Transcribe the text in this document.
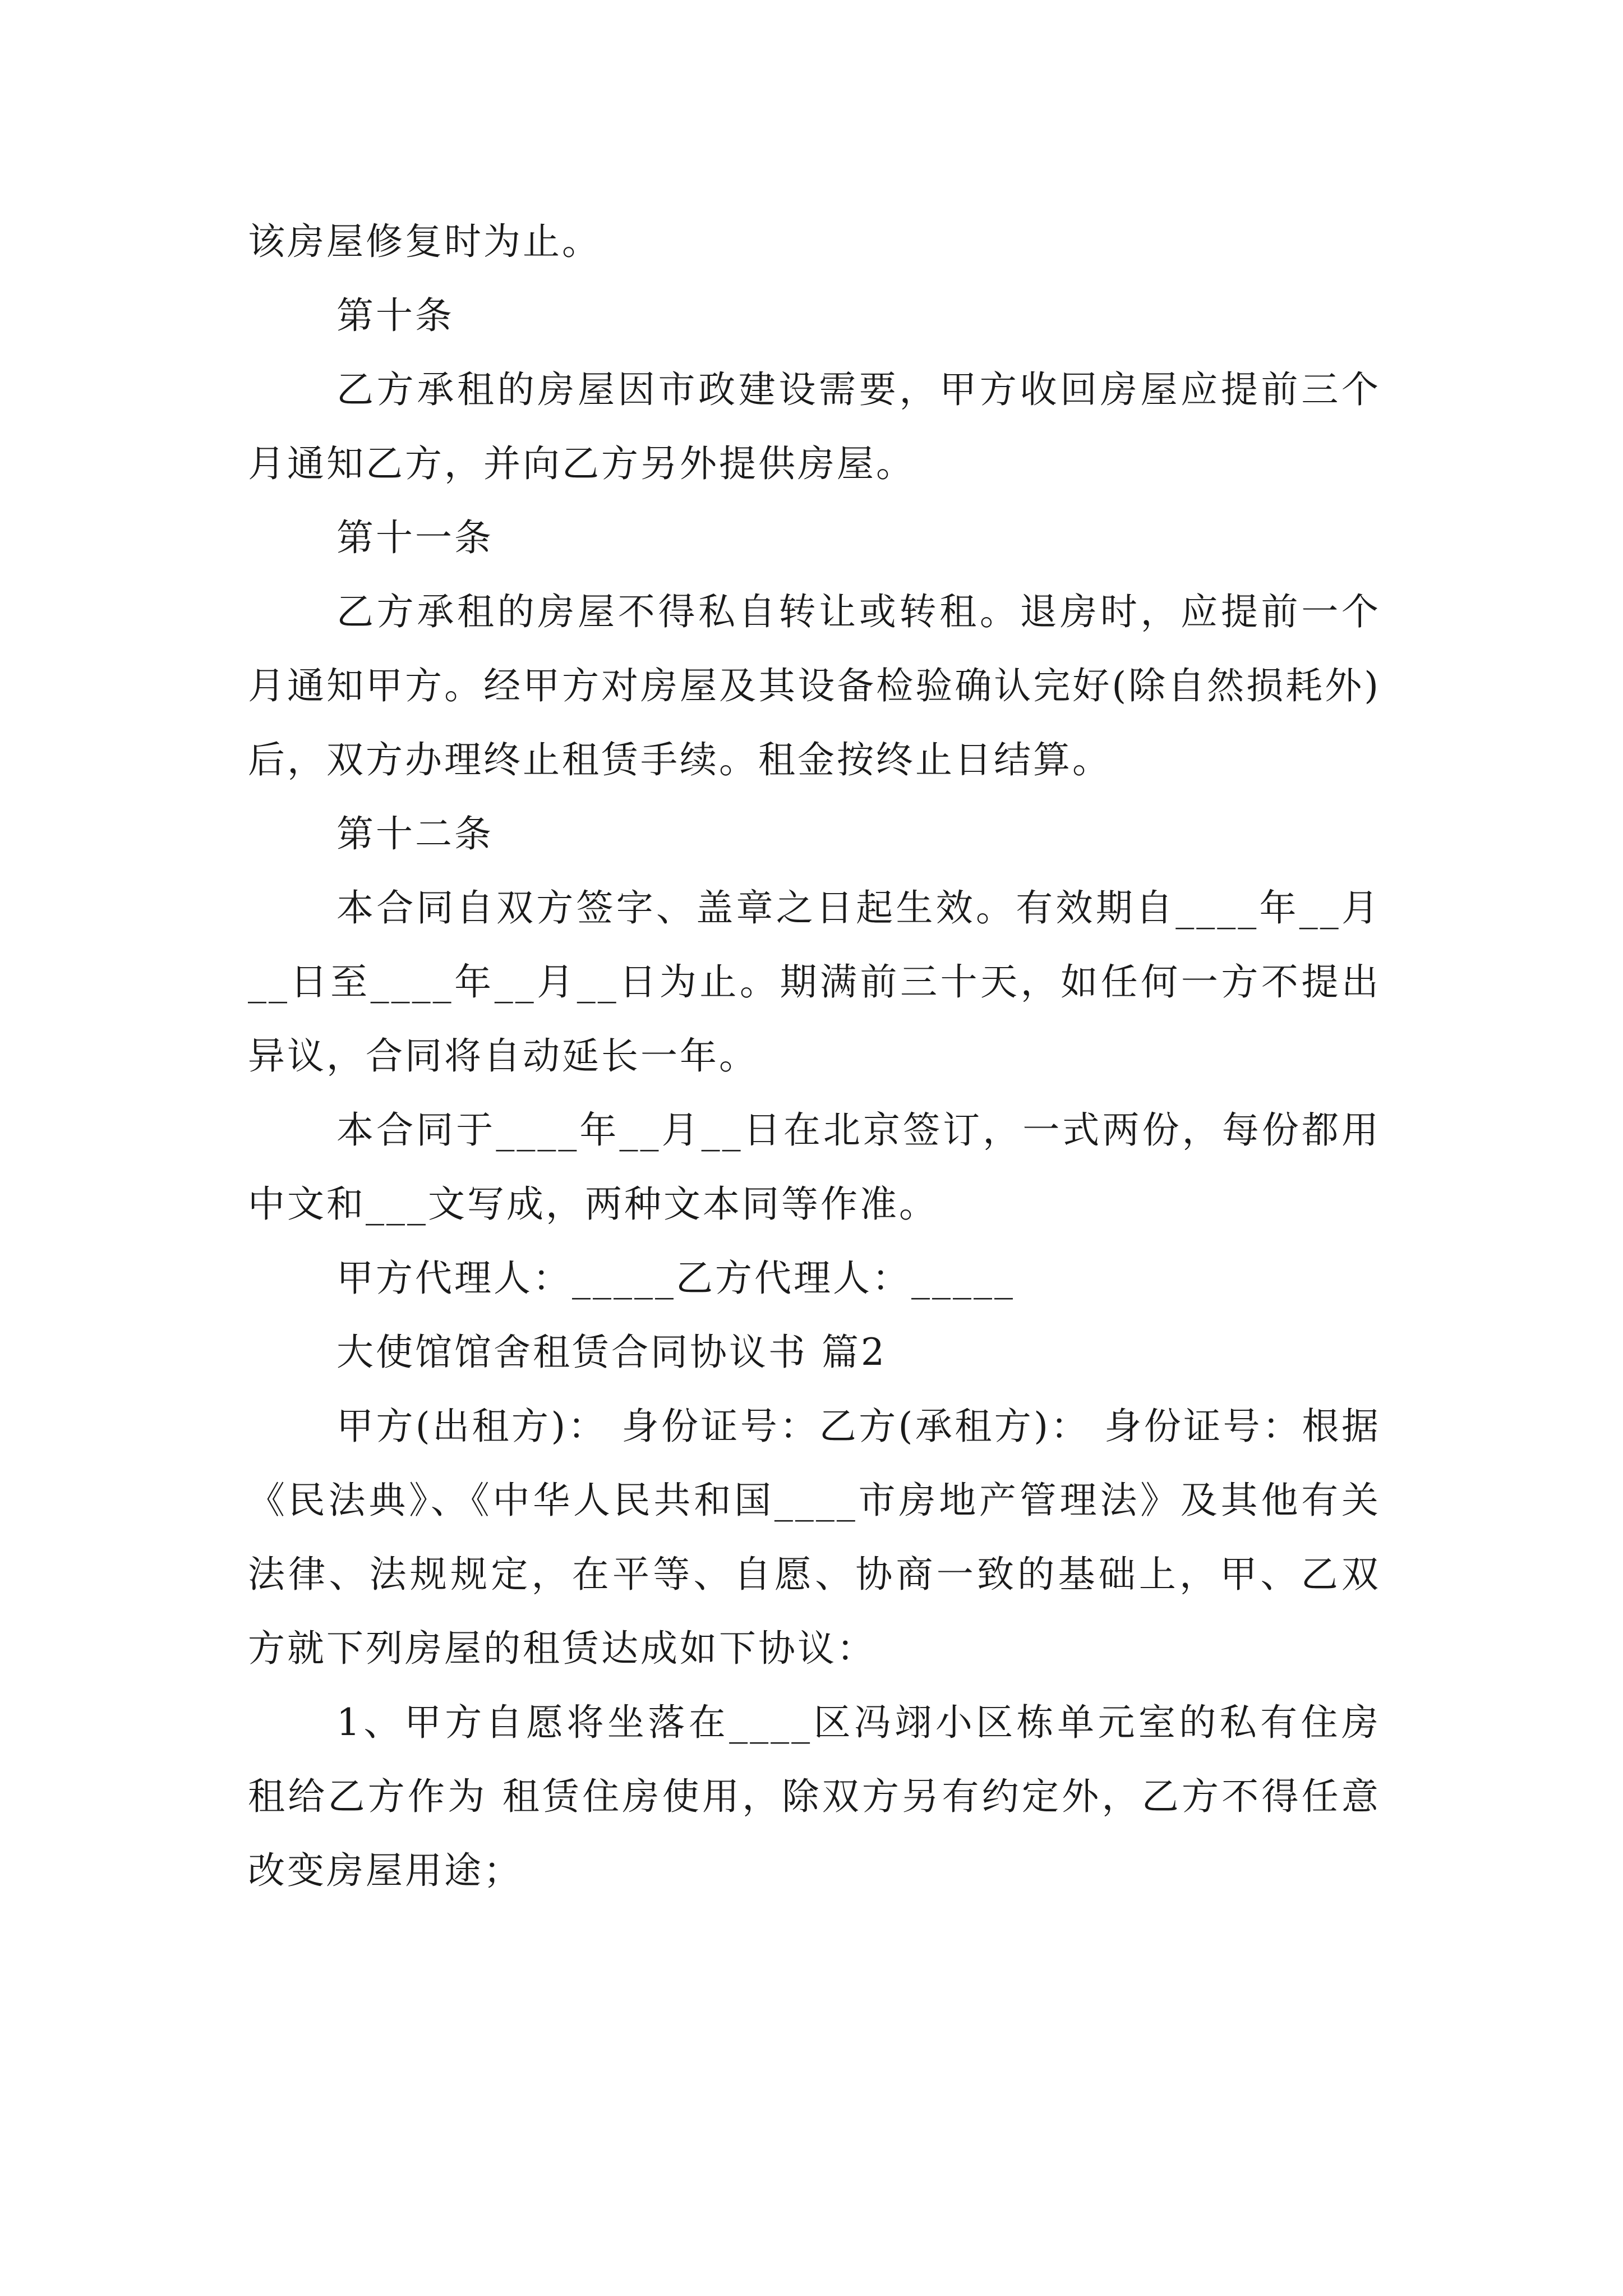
该房屋修复时为止。

第十条

乙方承租的房屋因市政建设需要，甲方收回房屋应提前三个月通知乙方，并向乙方另外提供房屋。

第十一条

乙方承租的房屋不得私自转让或转租。退房时，应提前一个月通知甲方。经甲方对房屋及其设备检验确认完好(除自然损耗外)后，双方办理终止租赁手续。租金按终止日结算。

第十二条

本合同自双方签字、盖章之日起生效。有效期自____年__月__日至____年__月__日为止。期满前三十天，如任何一方不提出异议，合同将自动延长一年。

本合同于____年__月__日在北京签订，一式两份，每份都用中文和___文写成，两种文本同等作准。

甲方代理人：_____乙方代理人：_____

大使馆馆舍租赁合同协议书 篇2

甲方(出租方)： 身份证号：乙方(承租方)： 身份证号：根据《民法典》、《中华人民共和国____市房地产管理法》及其他有关法律、法规规定，在平等、自愿、协商一致的基础上，甲、乙双方就下列房屋的租赁达成如下协议：

1、甲方自愿将坐落在____区冯翊小区栋单元室的私有住房租给乙方作为 租赁住房使用，除双方另有约定外，乙方不得任意改变房屋用途；
